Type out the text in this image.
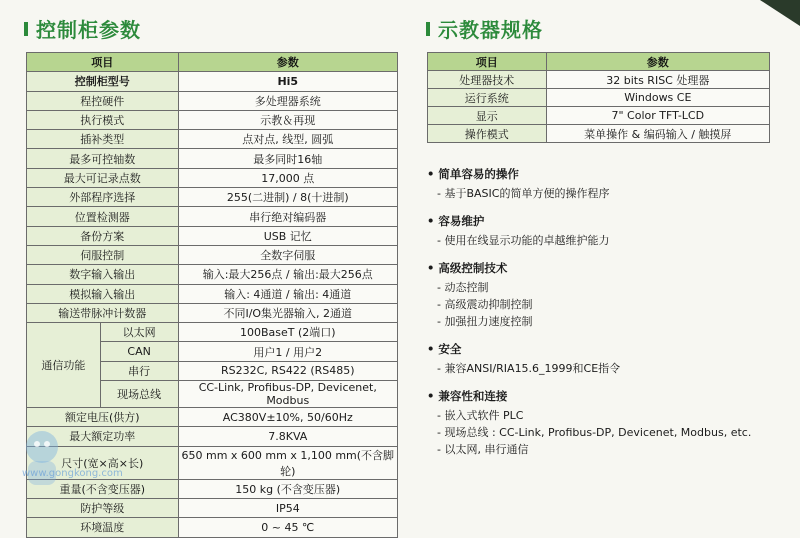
控制柜参数	示教器规格
项目		参数
控制柜型号		Hi5
程控硬件		多处理器系统
执行模式		示教＆再现
插补类型		点对点, 线型, 圆弧
最多可控轴数		最多同时16轴
最大可记录点数		17,000 点
外部程序选择		255(二进制) / 8(十进制)
位置检测器		串行绝对编码器
备份方案		USB 记忆
伺服控制		全数字伺服
数字输入输出		输入:最大256点 / 输出:最大256点
模拟输入输出		输入: 4通道 / 输出: 4通道
输送带脉冲计数器		不同I/O集光器输入, 2通道
通信功能	以太网	100BaseT (2端口)
	CAN	用户1 / 用户2
	串行	RS232C, RS422 (RS485)
	现场总线	CC-Link, Profibus-DP, Devicenet, Modbus
额定电压(供方)		AC380V±10%, 50/60Hz
最大额定功率		7.8KVA
尺寸(宽×高×长)		650 mm x 600 mm x 1,100 mm(不含脚轮)
重量(不含变压器)		150 kg (不含变压器)
防护等级		IP54
环境温度		0 ~ 45 ℃
项目	参数
处理器技术	32 bits RISC 处理器
运行系统	Windows CE
显示	7" Color TFT-LCD
操作模式	菜单操作 & 编码输入 / 触摸屏
• 简单容易的操作
- 基于BASIC的简单方便的操作程序
• 容易维护
- 使用在线显示功能的卓越维护能力
• 高级控制技术
- 动态控制
- 高级震动抑制控制
- 加强扭力速度控制
• 安全
- 兼容ANSI/RIA15.6_1999和CE指令
• 兼容性和连接
- 嵌入式软件 PLC
- 现场总线 : CC-Link, Profibus-DP, Devicenet, Modbus, etc.
- 以太网, 串行通信
www.gongkong.com
